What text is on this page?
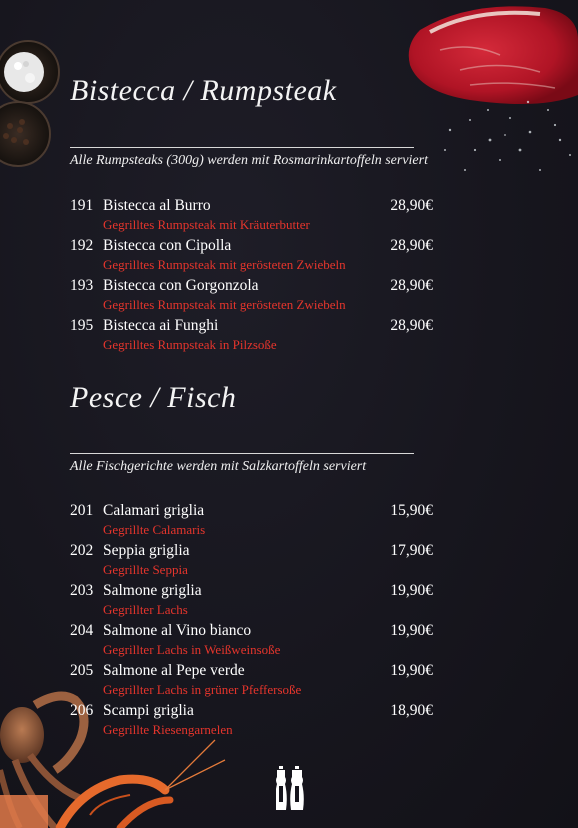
Bistecca / Rumpsteak
Alle Rumpsteaks (300g) werden mit Rosmarinkartoffeln serviert
191 Bistecca al Burro	28,90€
Gegrilltes Rumpsteak mit Kräuterbutter
192 Bistecca con Cipolla	28,90€
Gegrilltes Rumpsteak mit gerösteten Zwiebeln
193 Bistecca con Gorgonzola	28,90€
Gegrilltes Rumpsteak mit gerösteten Zwiebeln
195 Bistecca ai Funghi	28,90€
Gegrilltes Rumpsteak in Pilzsoße
Pesce / Fisch
Alle Fischgerichte werden mit Salzkartoffeln serviert
201 Calamari griglia	15,90€
Gegrillte Calamaris
202 Seppia griglia	17,90€
Gegrillte Seppia
203 Salmone griglia	19,90€
Gegrillter Lachs
204 Salmone al Vino bianco	19,90€
Gegrillter Lachs in Weißweinsoße
205 Salmone al Pepe verde	19,90€
Gegrillter Lachs in grüner Pfeffersoße
206 Scampi griglia	18,90€
Gegrillte Riesengarnelen
